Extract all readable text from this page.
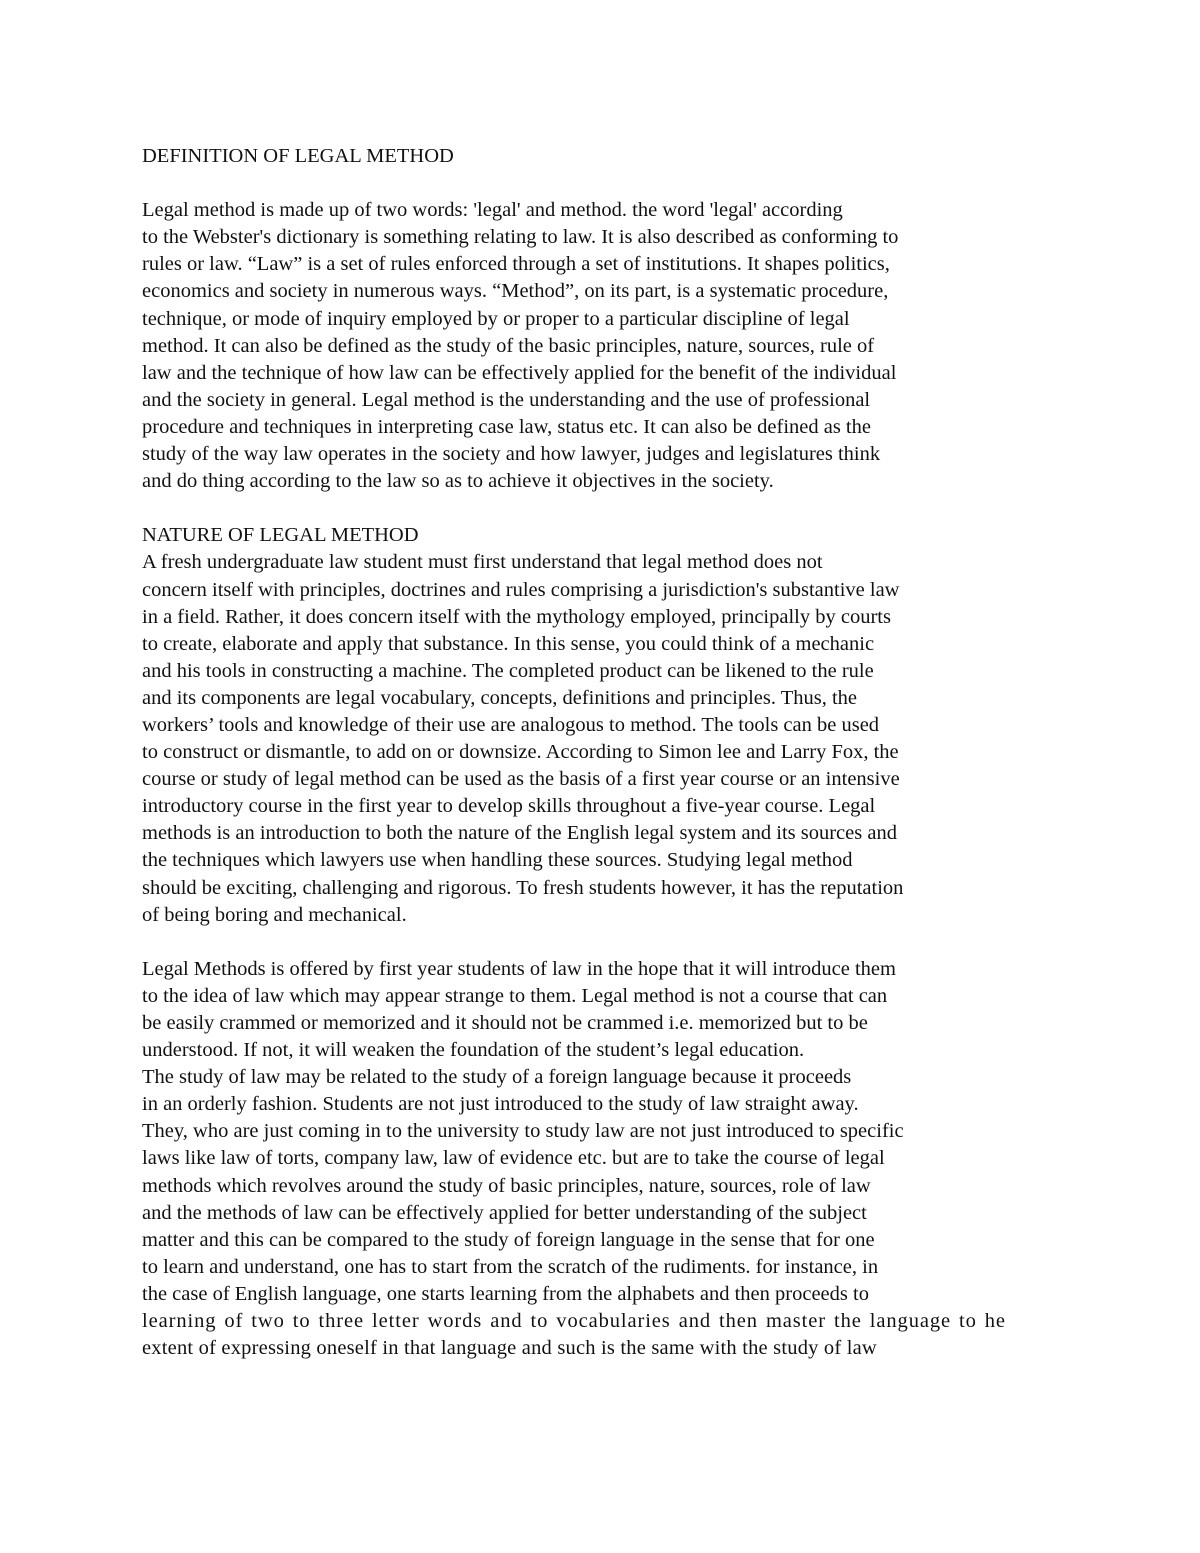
DEFINITION OF LEGAL METHOD
Legal method is made up of two words: 'legal' and method. the word 'legal' according
to the Webster's dictionary is something relating to law. It is also described as conforming to
rules or law. “Law” is a set of rules enforced through a set of institutions. It shapes politics,
economics and society in numerous ways. “Method”, on its part, is a systematic procedure,
technique, or mode of inquiry employed by or proper to a particular discipline of legal
method. It can also be defined as the study of the basic principles, nature, sources, rule of
law and the technique of how law can be effectively applied for the benefit of the individual
and the society in general. Legal method is the understanding and the use of professional
procedure and techniques in interpreting case law, status etc. It can also be defined as the
study of the way law operates in the society and how lawyer, judges and legislatures think
and do thing according to the law so as to achieve it objectives in the society.
NATURE OF LEGAL METHOD
A fresh undergraduate law student must first understand that legal method does not
concern itself with principles, doctrines and rules comprising a jurisdiction's substantive law
in a field. Rather, it does concern itself with the mythology employed, principally by courts
to create, elaborate and apply that substance. In this sense, you could think of a mechanic
and his tools in constructing a machine. The completed product can be likened to the rule
and its components are legal vocabulary, concepts, definitions and principles. Thus, the
workers’ tools and knowledge of their use are analogous to method. The tools can be used
to construct or dismantle, to add on or downsize. According to Simon lee and Larry Fox, the
course or study of legal method can be used as the basis of a first year course or an intensive
introductory course in the first year to develop skills throughout a five-year course. Legal
methods is an introduction to both the nature of the English legal system and its sources and
the techniques which lawyers use when handling these sources. Studying legal method
should be exciting, challenging and rigorous. To fresh students however, it has the reputation
of being boring and mechanical.
Legal Methods is offered by first year students of law in the hope that it will introduce them
to the idea of law which may appear strange to them. Legal method is not a course that can
be easily crammed or memorized and it should not be crammed i.e. memorized but to be
understood. If not, it will weaken the foundation of the student’s legal education.
The study of law may be related to the study of a foreign language because it proceeds
in an orderly fashion. Students are not just introduced to the study of law straight away.
They, who are just coming in to the university to study law are not just introduced to specific
laws like law of torts, company law, law of evidence etc. but are to take the course of legal
methods which revolves around the study of basic principles, nature, sources, role of law
and the methods of law can be effectively applied for better understanding of the subject
matter and this can be compared to the study of foreign language in the sense that for one
to learn and understand, one has to start from the scratch of the rudiments. for instance, in
the case of English language, one starts learning from the alphabets and then proceeds to
learning of two to three letter words and to vocabularies and then master the language to he
extent of expressing oneself in that language and such is the same with the study of law
